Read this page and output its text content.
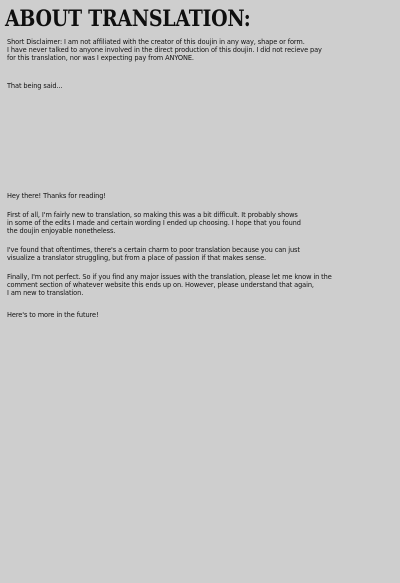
ABOUT TRANSLATION:

Short Disclaimer: I am not affiliated with the creator of this doujin in any way, shape or form.
I have never talked to anyone involved in the direct production of this doujin. I did not recieve pay
for this translation, nor was I expecting pay from ANYONE.

That being said...

Hey there! Thanks for reading!

First of all, I'm fairly new to translation, so making this was a bit difficult. It probably shows
in some of the edits I made and certain wording I ended up choosing. I hope that you found
the doujin enjoyable nonetheless.

I've found that oftentimes, there's a certain charm to poor translation because you can just
visualize a translator struggling, but from a place of passion if that makes sense.

Finally, I'm not perfect. So if you find any major issues with the translation, please let me know in the
comment section of whatever website this ends up on. However, please understand that again,
I am new to translation.

Here's to more in the future!
